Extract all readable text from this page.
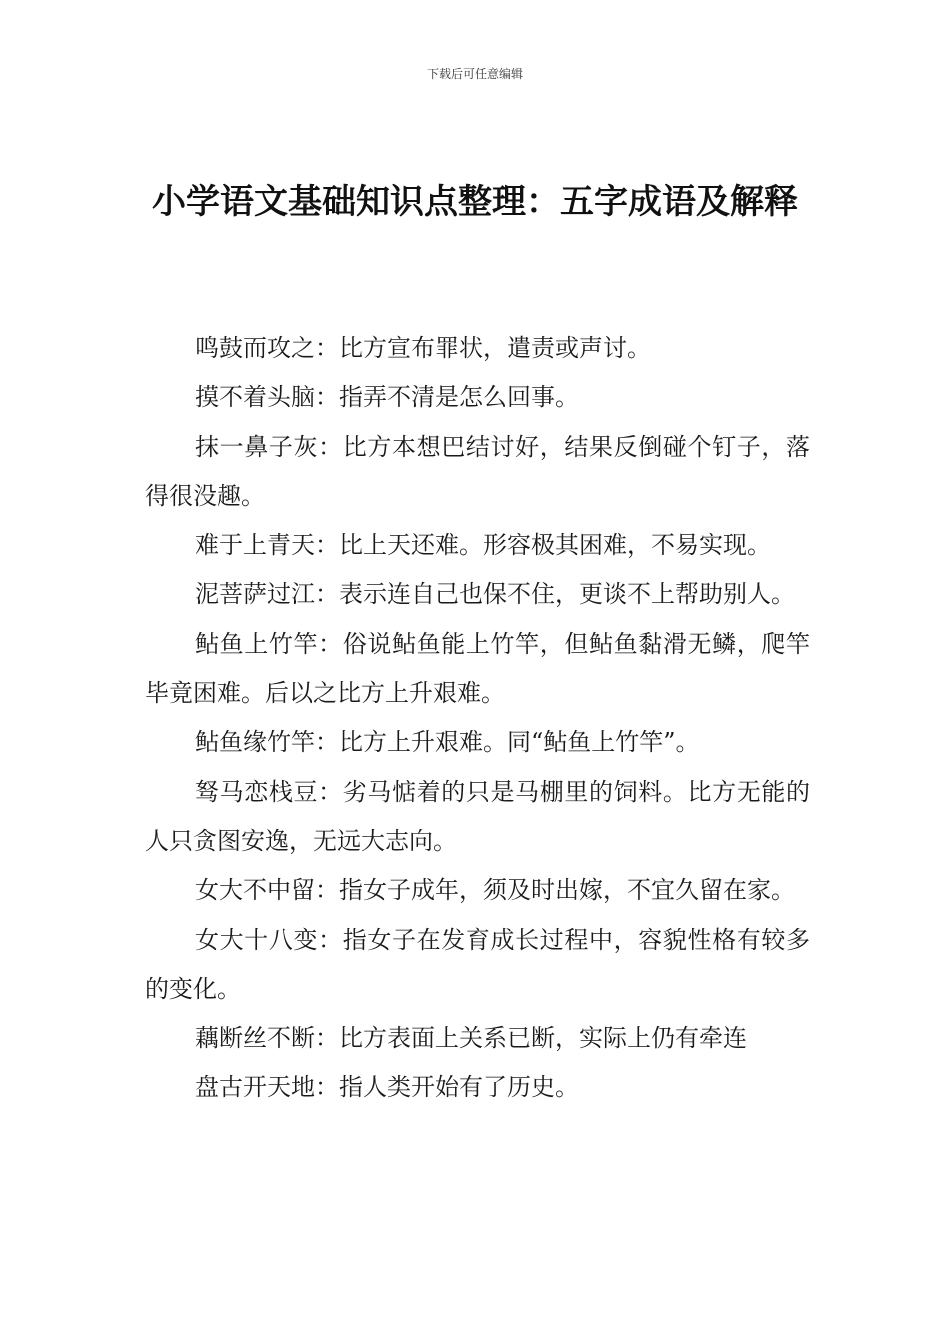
下载后可任意编辑
小学语文基础知识点整理：五字成语及解释

鸣鼓而攻之：比方宣布罪状，遣责或声讨。

摸不着头脑：指弄不清是怎么回事。

抹一鼻子灰：比方本想巴结讨好，结果反倒碰个钉子，落得很没趣。

难于上青天：比上天还难。形容极其困难，不易实现。

泥菩萨过江：表示连自己也保不住，更谈不上帮助别人。

鲇鱼上竹竿：俗说鲇鱼能上竹竿，但鲇鱼黏滑无鳞，爬竿毕竟困难。后以之比方上升艰难。

鲇鱼缘竹竿：比方上升艰难。同“鲇鱼上竹竿”。

驽马恋栈豆：劣马惦着的只是马棚里的饲料。比方无能的人只贪图安逸，无远大志向。

女大不中留：指女子成年，须及时出嫁，不宜久留在家。

女大十八变：指女子在发育成长过程中，容貌性格有较多的变化。

藕断丝不断：比方表面上关系已断，实际上仍有牵连

盘古开天地：指人类开始有了历史。
